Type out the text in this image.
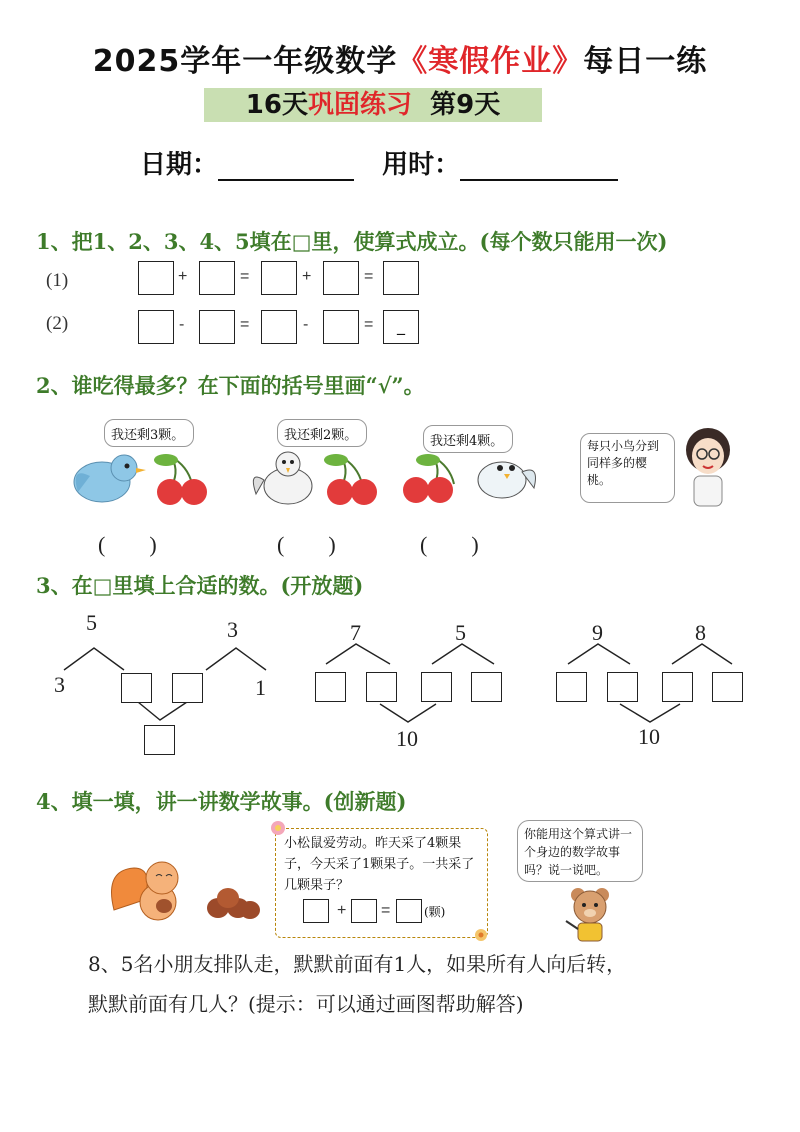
2025学年一年级数学《寒假作业》每日一练
16天巩固练习 第9天
日期：	用时：
1、把1、2、3、4、5填在□里，使算式成立。(每个数只能用一次)
(1)
(2)
+	=	+	=
-	=	-	=	_
2、谁吃得最多？在下面的括号里画“√”。
我还剩3颗。	我还剩2颗。	我还剩4颗。	每只小鸟分到同样多的樱桃。
(　　)	(　　)	(　　)
3、在□里填上合适的数。(开放题)
5	3
3	1
7	5
10
9	8
10
4、填一填，讲一讲数学故事。(创新题)
小松鼠爱劳动。昨天采了4颗果子，今天采了1颗果子。一共采了几颗果子？
+ =	(颗)
你能用这个算式讲一个身边的数学故事吗？说一说吧。
8、5名小朋友排队走，默默前面有1人，如果所有人向后转，
默默前面有几人？(提示：可以通过画图帮助解答)
